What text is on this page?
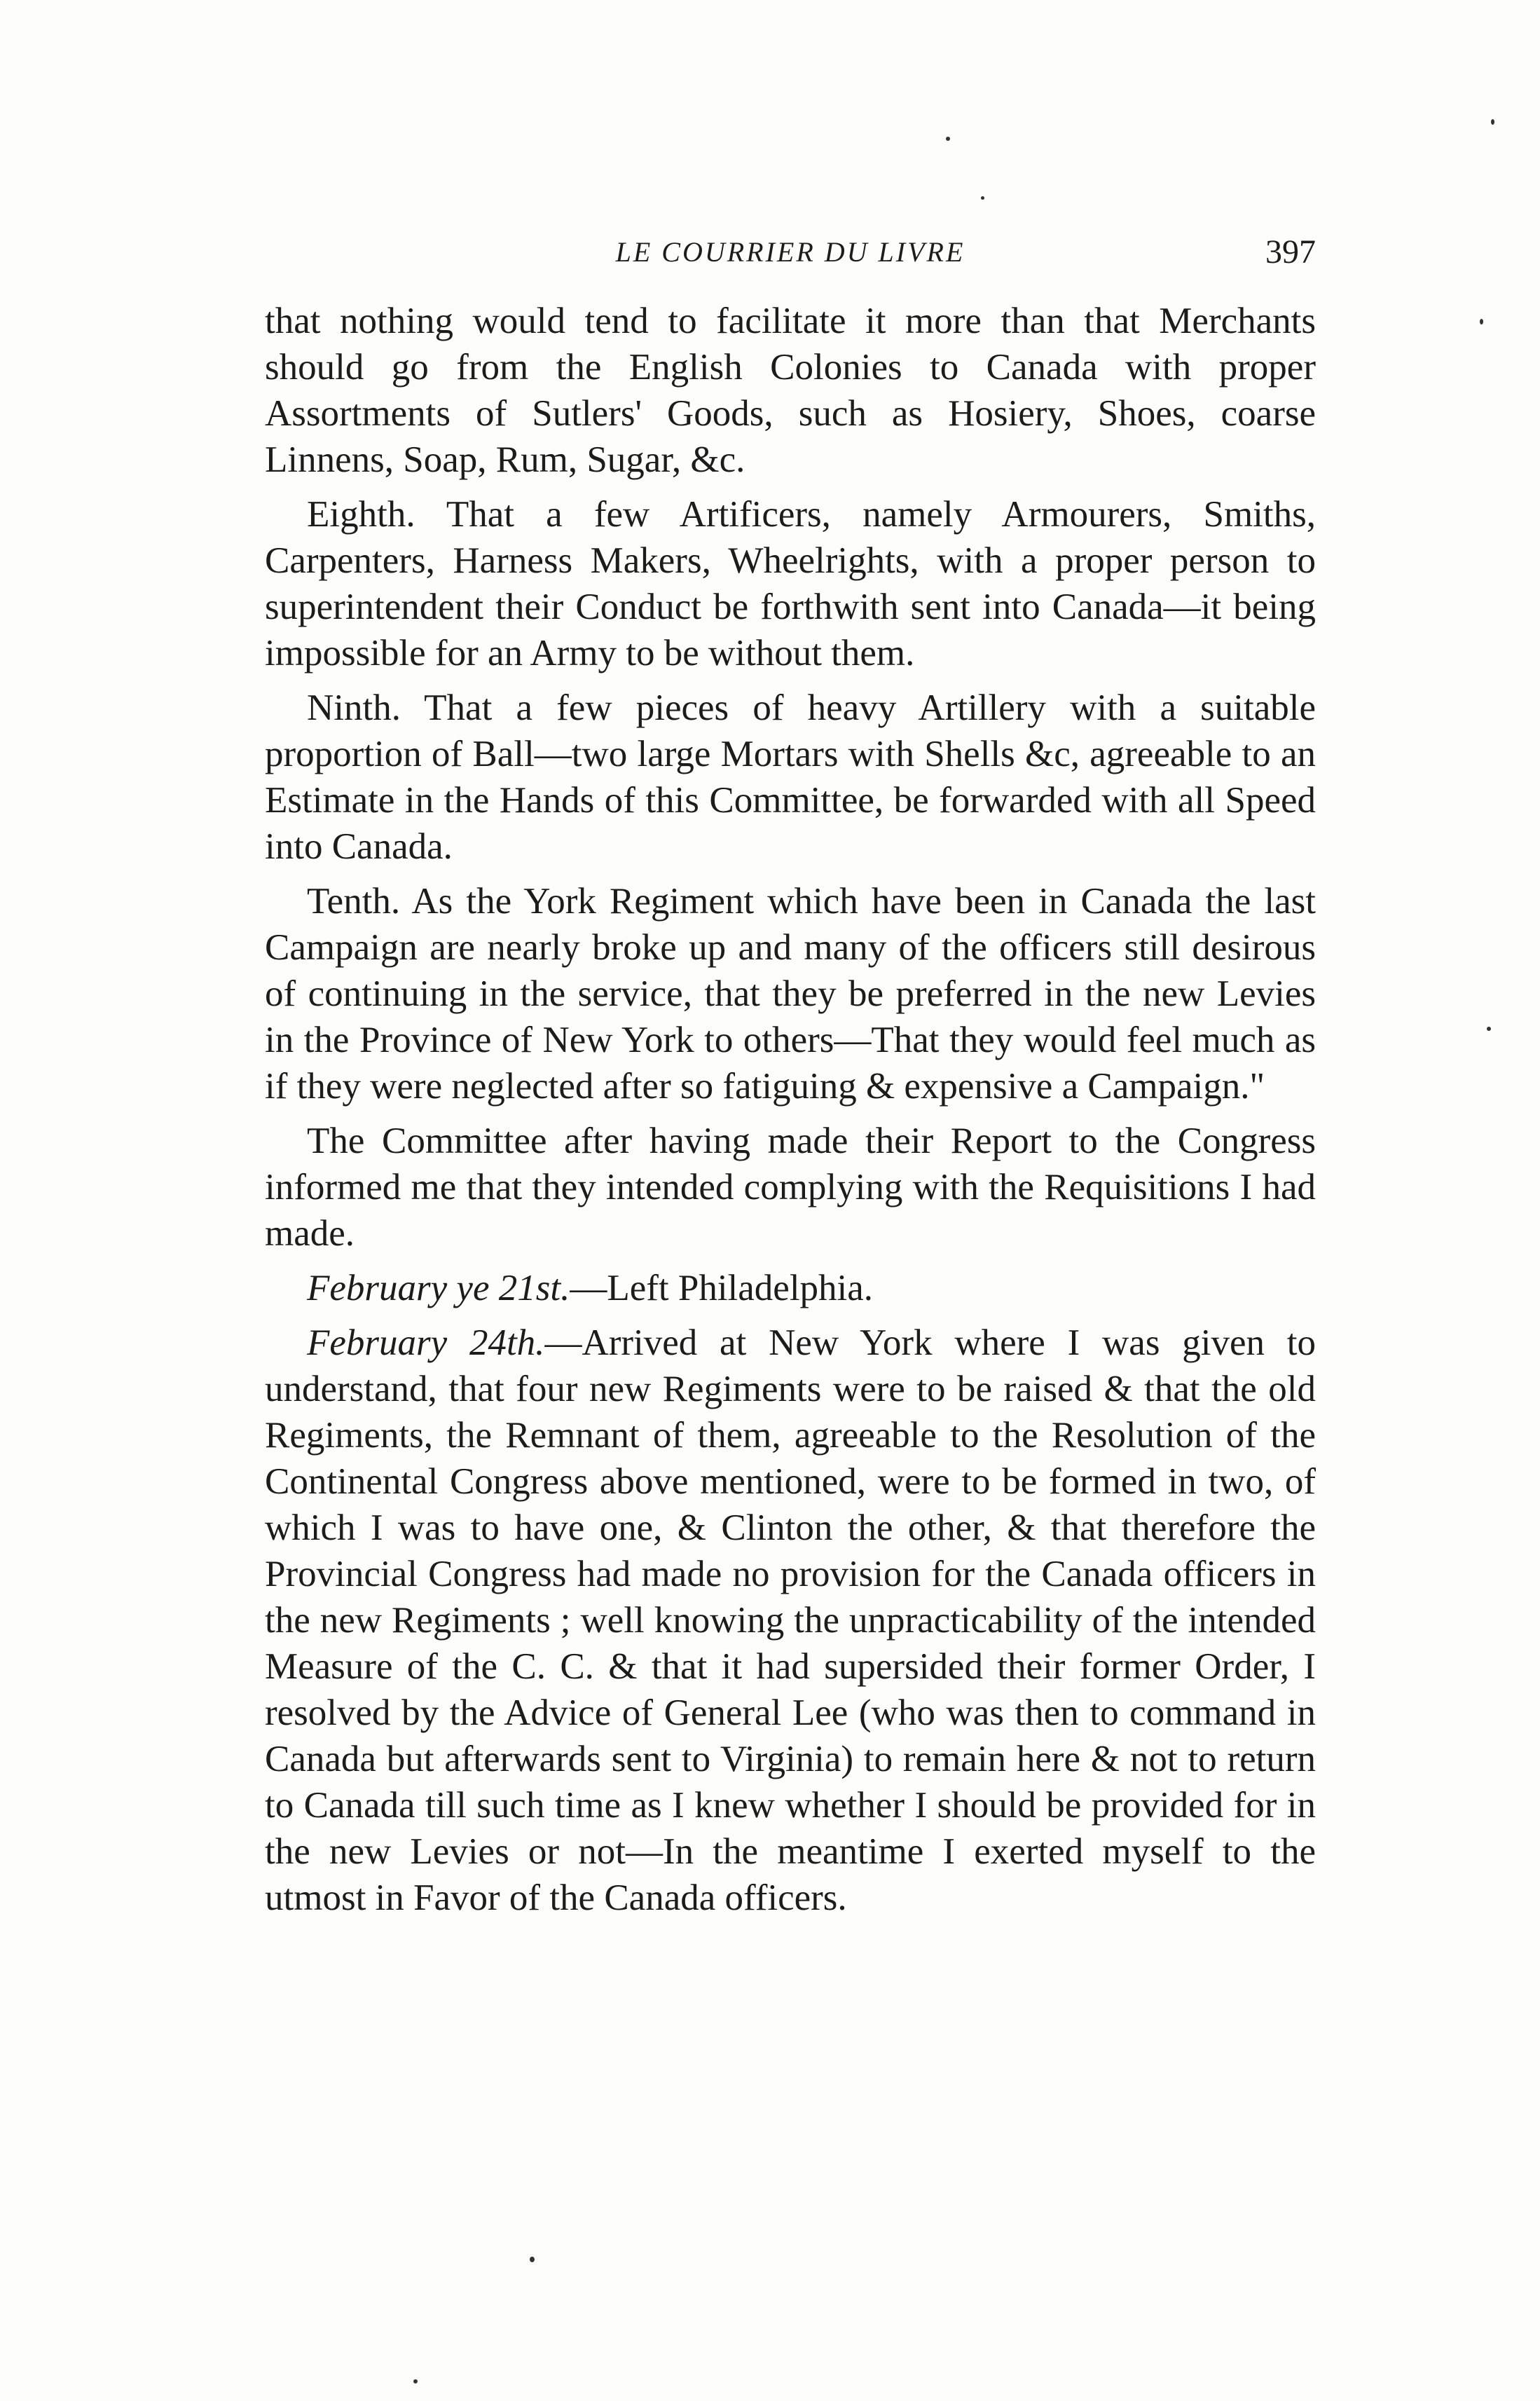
LE COURRIER DU LIVRE	397

that nothing would tend to facilitate it more than that Merchants should go from the English Colonies to Canada with proper Assortments of Sutlers' Goods, such as Hosiery, Shoes, coarse Linnens, Soap, Rum, Sugar, &c.

Eighth. That a few Artificers, namely Armourers, Smiths, Carpenters, Harness Makers, Wheelrights, with a proper person to superintendent their Conduct be forthwith sent into Canada—it being impossible for an Army to be without them.

Ninth. That a few pieces of heavy Artillery with a suitable proportion of Ball—two large Mortars with Shells &c, agreeable to an Estimate in the Hands of this Committee, be forwarded with all Speed into Canada.

Tenth. As the York Regiment which have been in Canada the last Campaign are nearly broke up and many of the officers still desirous of continuing in the service, that they be preferred in the new Levies in the Province of New York to others—That they would feel much as if they were neglected after so fatiguing & expensive a Campaign."

The Committee after having made their Report to the Congress informed me that they intended complying with the Requisitions I had made.

February ye 21st.—Left Philadelphia.

February 24th.—Arrived at New York where I was given to understand, that four new Regiments were to be raised & that the old Regiments, the Remnant of them, agreeable to the Resolution of the Continental Congress above mentioned, were to be formed in two, of which I was to have one, & Clinton the other, & that therefore the Provincial Congress had made no provision for the Canada officers in the new Regiments ; well knowing the unpracticability of the intended Measure of the C. C. & that it had supersided their former Order, I resolved by the Advice of General Lee (who was then to command in Canada but afterwards sent to Virginia) to remain here & not to return to Canada till such time as I knew whether I should be provided for in the new Levies or not—In the meantime I exerted myself to the utmost in Favor of the Canada officers.
